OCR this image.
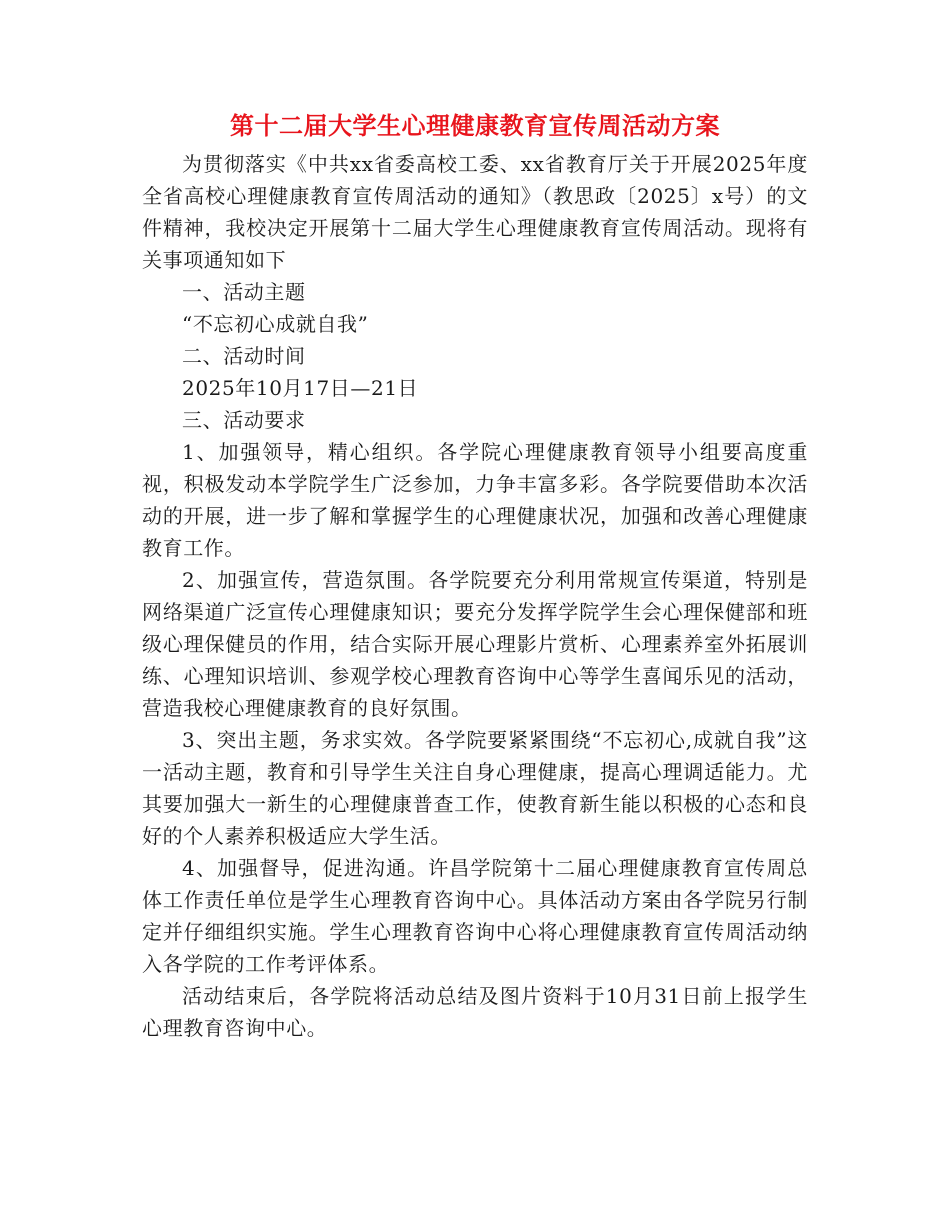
第十二届大学生心理健康教育宣传周活动方案

为贯彻落实《中共xx省委高校工委、xx省教育厅关于开展2025年度全省高校心理健康教育宣传周活动的通知》（教思政〔2025〕x号）的文件精神，我校决定开展第十二届大学生心理健康教育宣传周活动。现将有关事项通知如下

一、活动主题

“不忘初心成就自我”

二、活动时间

2025年10月17日—21日

三、活动要求

1、加强领导，精心组织。各学院心理健康教育领导小组要高度重视，积极发动本学院学生广泛参加，力争丰富多彩。各学院要借助本次活动的开展，进一步了解和掌握学生的心理健康状况，加强和改善心理健康教育工作。

2、加强宣传，营造氛围。各学院要充分利用常规宣传渠道，特别是网络渠道广泛宣传心理健康知识；要充分发挥学院学生会心理保健部和班级心理保健员的作用，结合实际开展心理影片赏析、心理素养室外拓展训练、心理知识培训、参观学校心理教育咨询中心等学生喜闻乐见的活动，营造我校心理健康教育的良好氛围。

3、突出主题，务求实效。各学院要紧紧围绕“不忘初心,成就自我”这一活动主题，教育和引导学生关注自身心理健康，提高心理调适能力。尤其要加强大一新生的心理健康普查工作，使教育新生能以积极的心态和良好的个人素养积极适应大学生活。

4、加强督导，促进沟通。许昌学院第十二届心理健康教育宣传周总体工作责任单位是学生心理教育咨询中心。具体活动方案由各学院另行制定并仔细组织实施。学生心理教育咨询中心将心理健康教育宣传周活动纳入各学院的工作考评体系。

活动结束后，各学院将活动总结及图片资料于10月31日前上报学生心理教育咨询中心。
